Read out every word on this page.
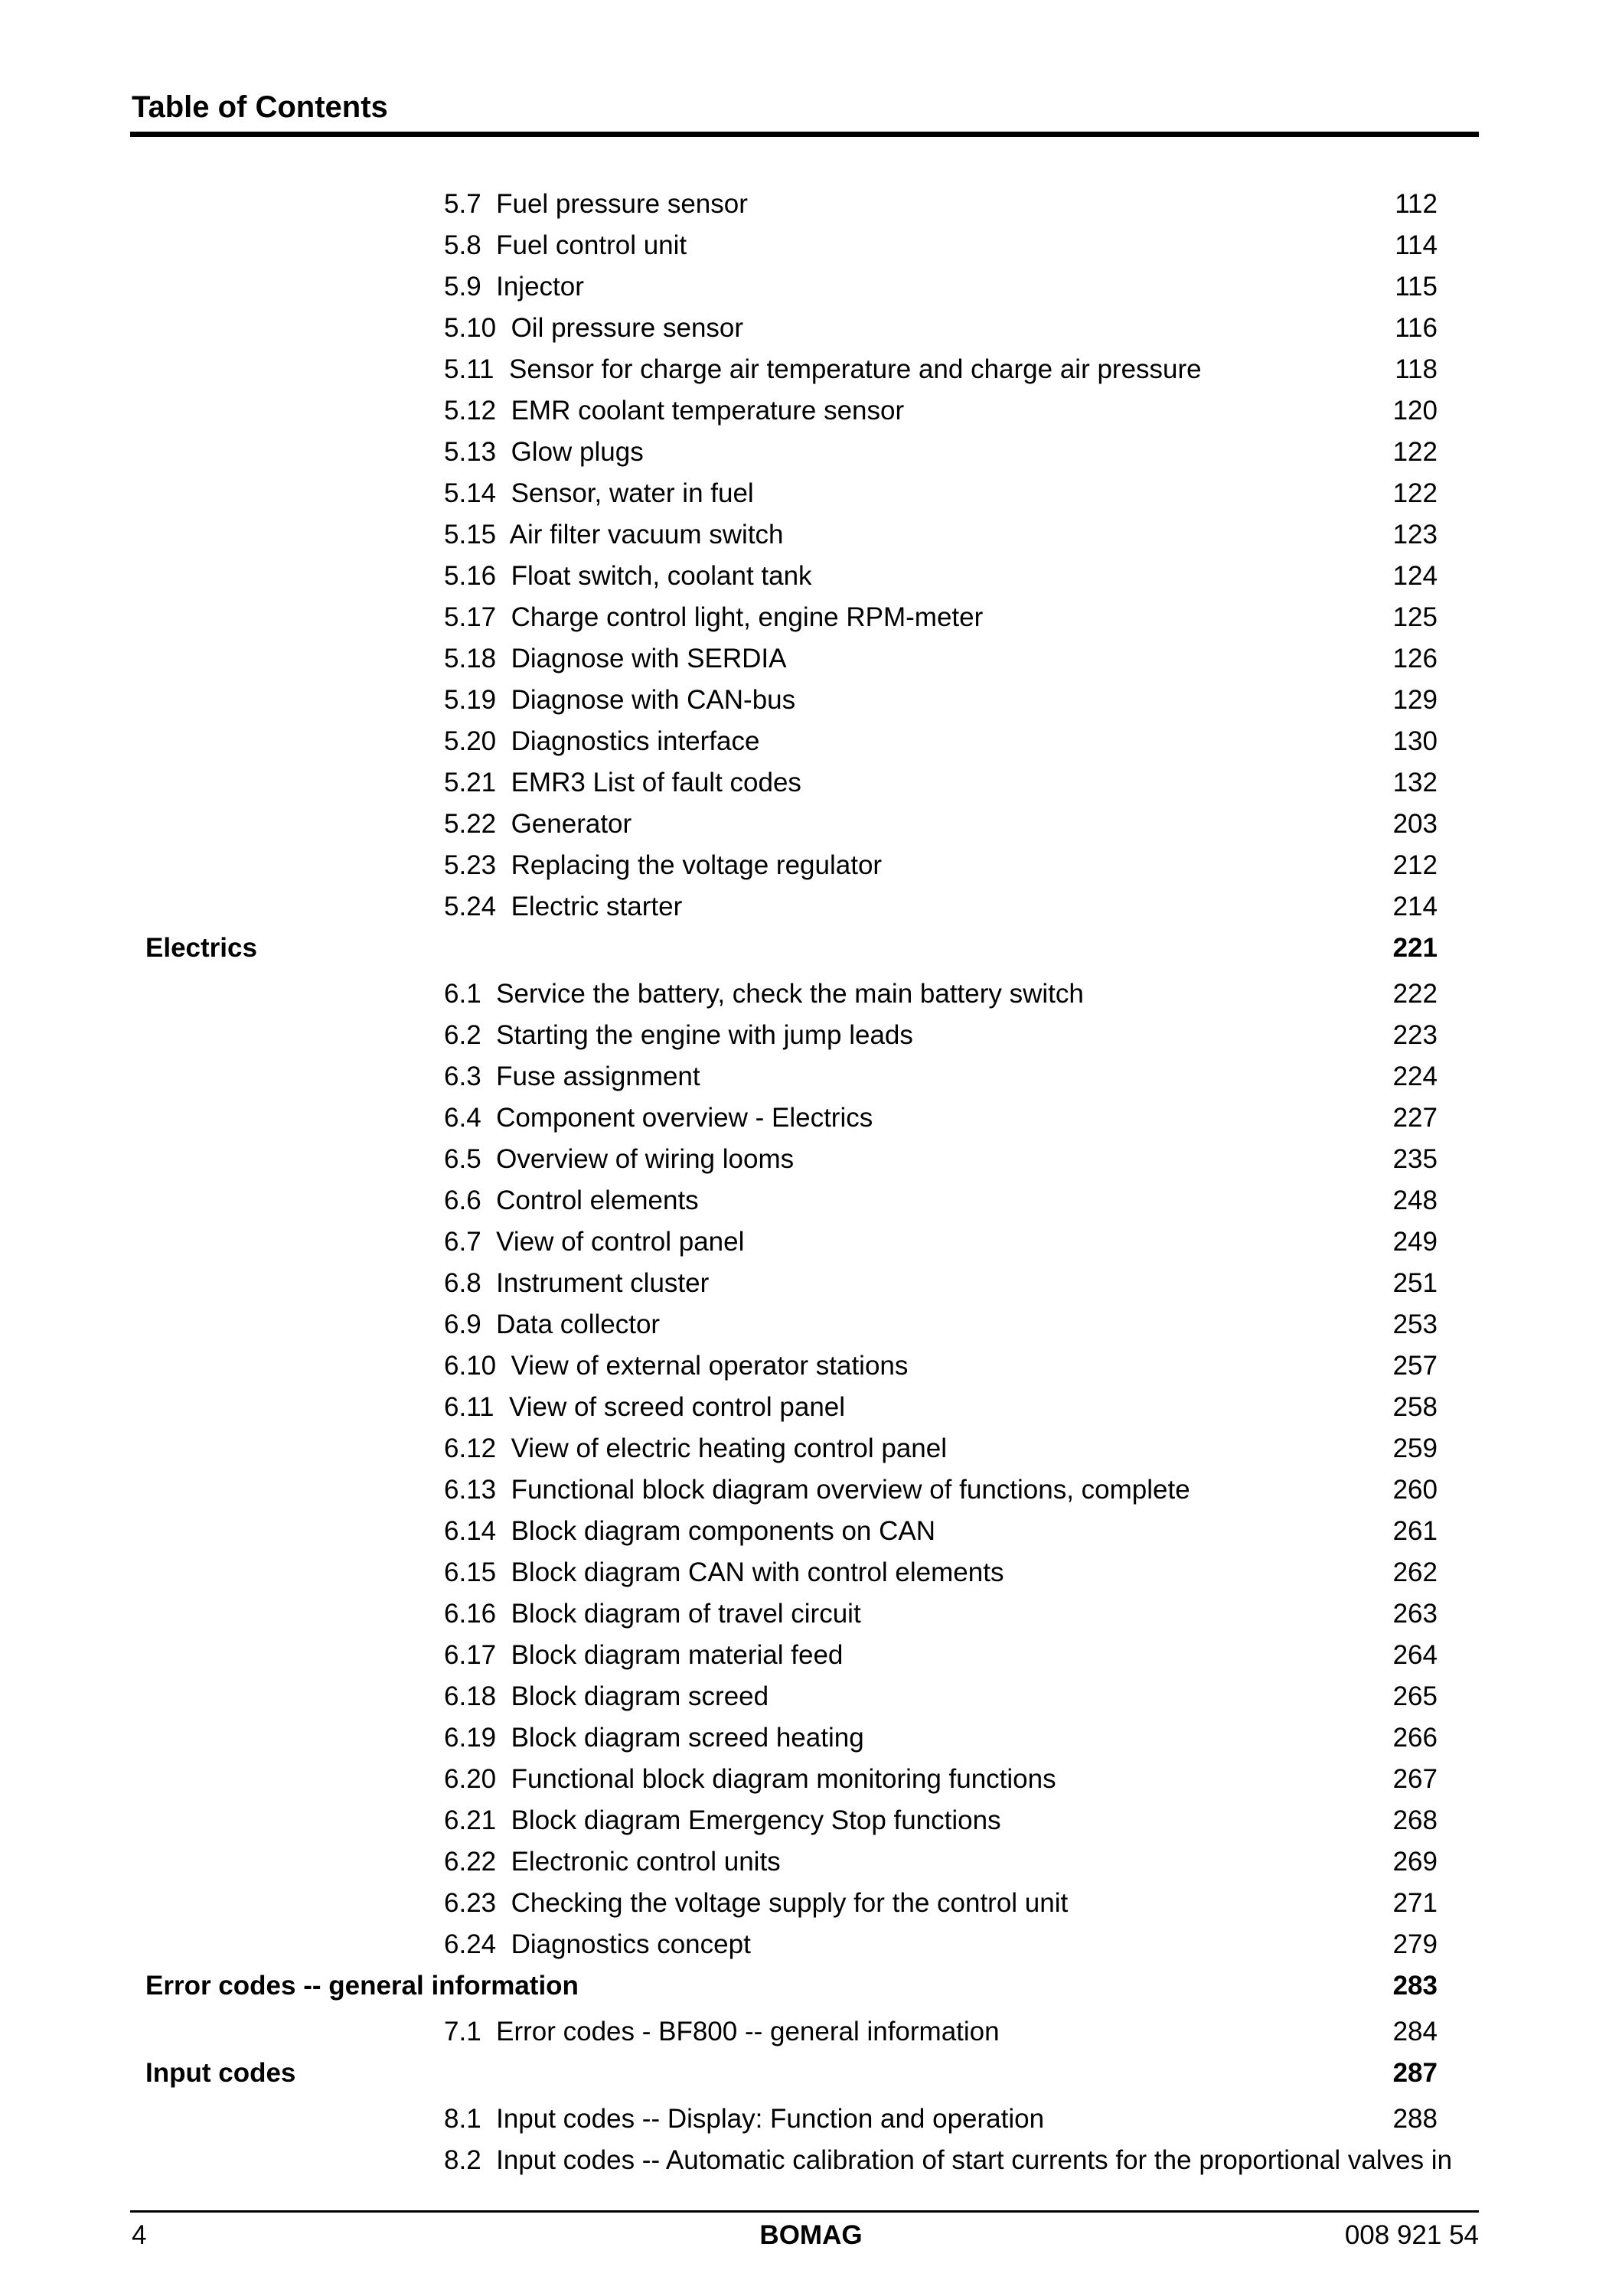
Table of Contents
5.7 Fuel pressure sensor	112
5.8 Fuel control unit	114
5.9 Injector	115
5.10 Oil pressure sensor	116
5.11 Sensor for charge air temperature and charge air pressure	118
5.12 EMR coolant temperature sensor	120
5.13 Glow plugs	122
5.14 Sensor, water in fuel	122
5.15 Air filter vacuum switch	123
5.16 Float switch, coolant tank	124
5.17 Charge control light, engine RPM-meter	125
5.18 Diagnose with SERDIA	126
5.19 Diagnose with CAN-bus	129
5.20 Diagnostics interface	130
5.21 EMR3 List of fault codes	132
5.22 Generator	203
5.23 Replacing the voltage regulator	212
5.24 Electric starter	214
Electrics	221
6.1 Service the battery, check the main battery switch	222
6.2 Starting the engine with jump leads	223
6.3 Fuse assignment	224
6.4 Component overview - Electrics	227
6.5 Overview of wiring looms	235
6.6 Control elements	248
6.7 View of control panel	249
6.8 Instrument cluster	251
6.9 Data collector	253
6.10 View of external operator stations	257
6.11 View of screed control panel	258
6.12 View of electric heating control panel	259
6.13 Functional block diagram overview of functions, complete	260
6.14 Block diagram components on CAN	261
6.15 Block diagram CAN with control elements	262
6.16 Block diagram of travel circuit	263
6.17 Block diagram material feed	264
6.18 Block diagram screed	265
6.19 Block diagram screed heating	266
6.20 Functional block diagram monitoring functions	267
6.21 Block diagram Emergency Stop functions	268
6.22 Electronic control units	269
6.23 Checking the voltage supply for the control unit	271
6.24 Diagnostics concept	279
Error codes -- general information	283
7.1 Error codes - BF800 -- general information	284
Input codes	287
8.1 Input codes -- Display: Function and operation	288
8.2 Input codes -- Automatic calibration of start currents for the proportional valves in
4	BOMAG	008 921 54
